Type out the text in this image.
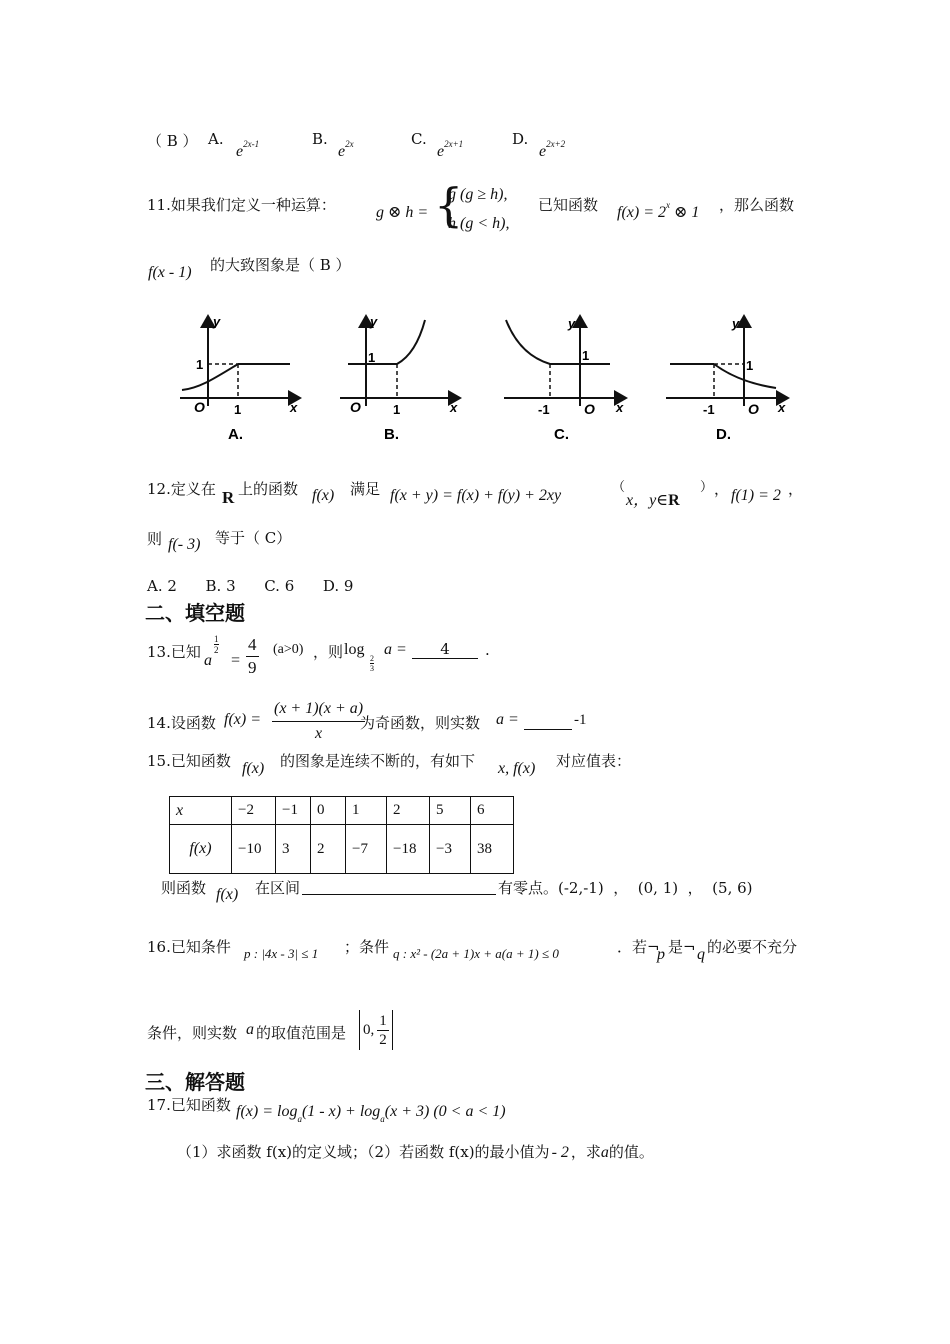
（ B ） A.
$e^{2x-1}$	B.
$e^{2x}$	C.
$e^{2x+1}$	D.
$e^{2x+2}$
11.如果我们定义一种运算：	g ⊗ h = {
g (g ≥ h),
h (g < h),
已知函数 $f(x) = 2^x$ ⊗ 1 ，那么函数
f(x - 1) 的大致图象是（ B ）
y
x
O
1
1
A.
y
x
O
1
1
B.
y
x
O
1
-1
C.
y
x
O
1
-1
D.
12.定义在 R 上的函数 f(x) 满足 f(x + y) = f(x) + f(y) + 2xy	（
x，y∈R
） ， f(1) = 2 ，
则 f(- 3) 等于（ C）
A. 2      B. 3      C. 6      D. 9
二、填空题
13.已知 a
1
2
=
4
9
(a>0) ，则 log
2
3
a =	4	.
14.设函数 f(x) =
(x + 1)(x + a)
x
为奇函数，则实数 a =	-1
15.已知函数 f(x) 的图象是连续不断的，有如下 x, f(x) 对应值表：
x	−2	−1	0	1	2	5	6
f(x)	−10	3	2	−7	−18	−3	38
则函数 f(x) 在区间	有零点。(-2,-1)  ，  (0, 1)  ，  (5, 6)
16.已知条件 p : |4x - 3| ≤ 1 ；条件 q : x² - (2a + 1)x + a(a + 1) ≤ 0	．若¬
p 是¬ q 的必要不充分
条件，则实数 a 的取值范围是 0, $\frac{1}{2}$
三、解答题
17.已知函数 $f(x) = \log_a(1 - x) + \log_a(x + 3) (0 < a < 1)$
（1）求函数 f(x)的定义域；（2）若函数 f(x)的最小值为 - 2 ，求a的值。
